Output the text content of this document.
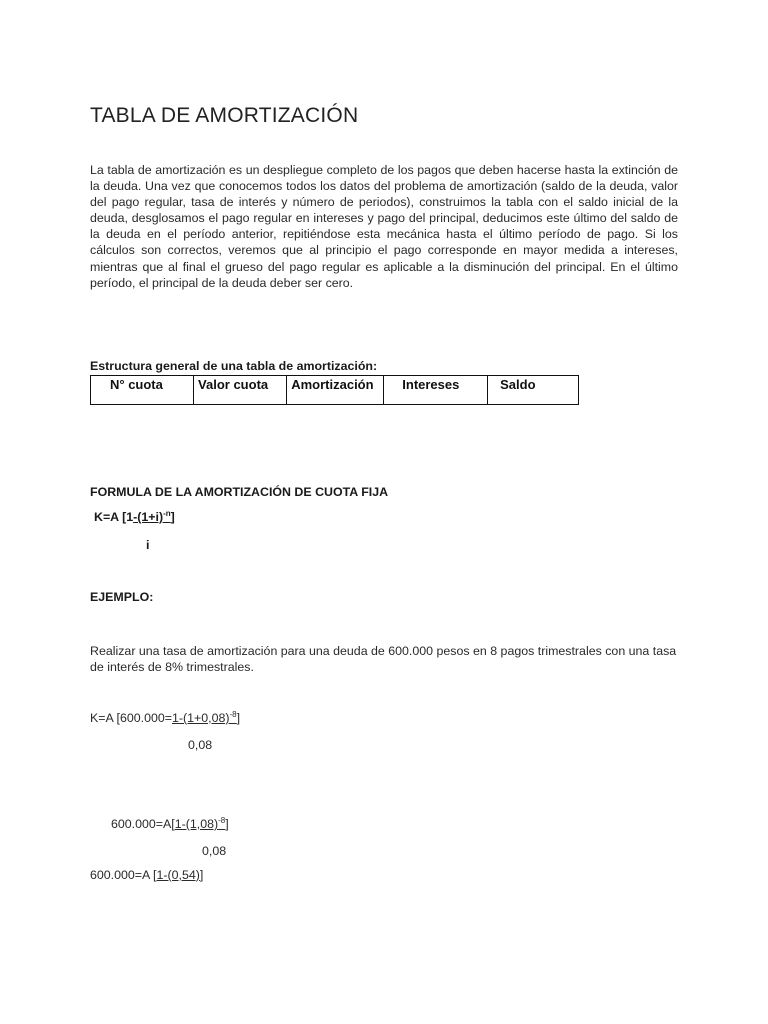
TABLA DE AMORTIZACIÓN

La tabla de amortización es un despliegue completo de los pagos que deben hacerse hasta la extinción de la deuda. Una vez que conocemos todos los datos del problema de amortización (saldo de la deuda, valor del pago regular, tasa de interés y número de periodos), construimos la tabla con el saldo inicial de la deuda, desglosamos el pago regular en intereses y pago del principal, deducimos este último del saldo de la deuda en el período anterior, repitiéndose esta mecánica hasta el último período de pago. Si los cálculos son correctos, veremos que al principio el pago corresponde en mayor medida a intereses, mientras que al final el grueso del pago regular es aplicable a la disminución del principal. En el último período, el principal de la deuda deber ser cero.

Estructura general de una tabla de amortización:

N° cuota	Valor cuota	Amortización	Intereses	Saldo

FORMULA DE LA AMORTIZACIÓN DE CUOTA FIJA

K=A $[1-(1+i)^{-n}]$

i

EJEMPLO:

Realizar una tasa de amortización para una deuda de 600.000 pesos en 8 pagos trimestrales con una tasa de interés de 8% trimestrales.

K=A $[600.000=1-(1+0,08)^{-8}]$

0,08

$600.000=A[1-(1,08)^{-8}]$

0,08

600.000=A [1-(0,54)]
